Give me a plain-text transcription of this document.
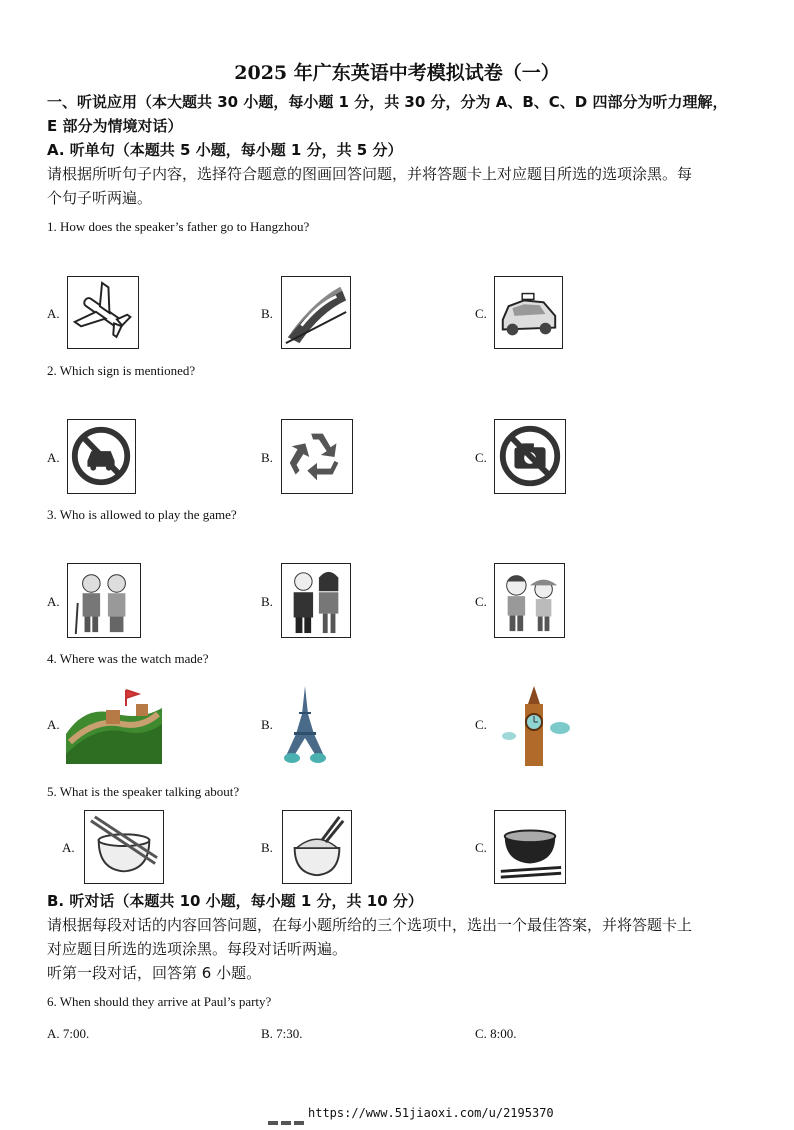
2025 年广东英语中考模拟试卷（一）
一、听说应用（本大题共 30 小题，每小题 1 分，共 30 分，分为 A、B、C、D 四部分为听力理解，
E 部分为情境对话）
A. 听单句（本题共 5 小题，每小题 1 分，共 5 分）
请根据所听句子内容，选择符合题意的图画回答问题，并将答题卡上对应题目所选的选项涂黑。每
个句子听两遍。
1. How does the speaker’s father go to Hangzhou?
A.	B.	C.
2. Which sign is mentioned?
A.	B.	C.
3. Who is allowed to play the game?
A.	B.	C.
4. Where was the watch made?
A.	B.	C.
5. What is the speaker talking about?
A.	B.	C.
B. 听对话（本题共 10 小题，每小题 1 分，共 10 分）
请根据每段对话的内容回答问题，在每小题所给的三个选项中，选出一个最佳答案，并将答题卡上
对应题目所选的选项涂黑。每段对话听两遍。
听第一段对话，回答第 6 小题。
6. When should they arrive at Paul’s party?
A. 7:00.	B. 7:30.	C. 8:00.
https://www.51jiaoxi.com/u/2195370
